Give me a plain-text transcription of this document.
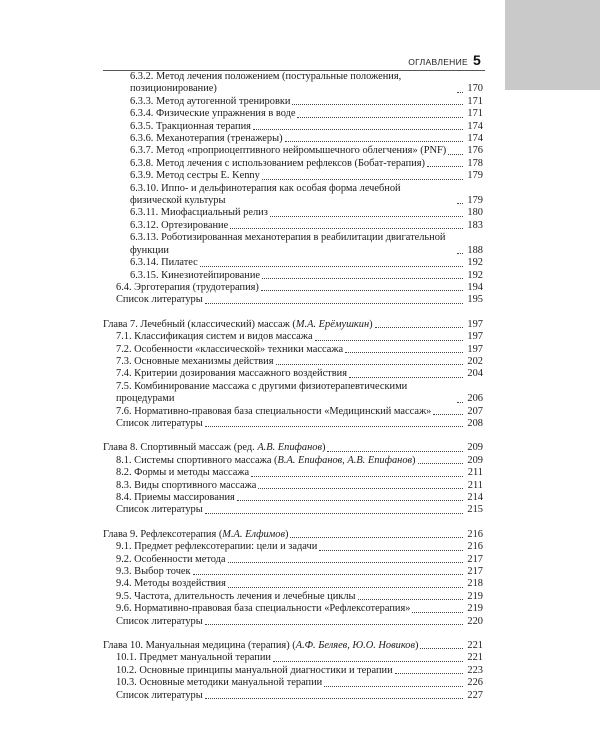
ОГЛАВЛЕНИЕ 5
6.3.2. Метод лечения положением (постуральные положения, позиционирование)	170
6.3.3. Метод аутогенной тренировки	171
6.3.4. Физические упражнения в воде	171
6.3.5. Тракционная терапия	174
6.3.6. Механотерапия (тренажеры)	174
6.3.7. Метод «проприоцептивного нейромышечного облегчения» (PNF) 176
6.3.8. Метод лечения с использованием рефлексов (Бобат-терапия)	178
6.3.9. Метод сестры E. Kenny	179
6.3.10. Иппо- и дельфинотерапия как особая форма лечебной физической культуры	179
6.3.11. Миофасциальный релиз	180
6.3.12. Ортезирование	183
6.3.13. Роботизированная механотерапия в реабилитации двигательной функции	188
6.3.14. Пилатес	192
6.3.15. Кинезиотейпирование	192
6.4. Эрготерапия (трудотерапия)	194
Список литературы	195
Глава 7. Лечебный (классический) массаж (М.А. Ерёмушкин)	197
7.1. Классификация систем и видов массажа	197
7.2. Особенности «классической» техники массажа	197
7.3. Основные механизмы действия	202
7.4. Критерии дозирования массажного воздействия	204
7.5. Комбинирование массажа с другими физиотерапевтическими процедурами	206
7.6. Нормативно-правовая база специальности «Медицинский массаж»	207
Список литературы	208
Глава 8. Спортивный массаж (ред. А.В. Епифанов)	209
8.1. Системы спортивного массажа (В.А. Епифанов, А.В. Епифанов)	209
8.2. Формы и методы массажа	211
8.3. Виды спортивного массажа	211
8.4. Приемы массирования	214
Список литературы	215
Глава 9. Рефлексотерапия (М.А. Елфимов)	216
9.1. Предмет рефлексотерапии: цели и задачи	216
9.2. Особенности метода	217
9.3. Выбор точек	217
9.4. Методы воздействия	218
9.5. Частота, длительность лечения и лечебные циклы	219
9.6. Нормативно-правовая база специальности «Рефлексотерапия»	219
Список литературы	220
Глава 10. Мануальная медицина (терапия) (А.Ф. Беляев, Ю.О. Новиков)	221
10.1. Предмет мануальной терапии	221
10.2. Основные принципы мануальной диагностики и терапии	223
10.3. Основные методики мануальной терапии	226
Список литературы	227
